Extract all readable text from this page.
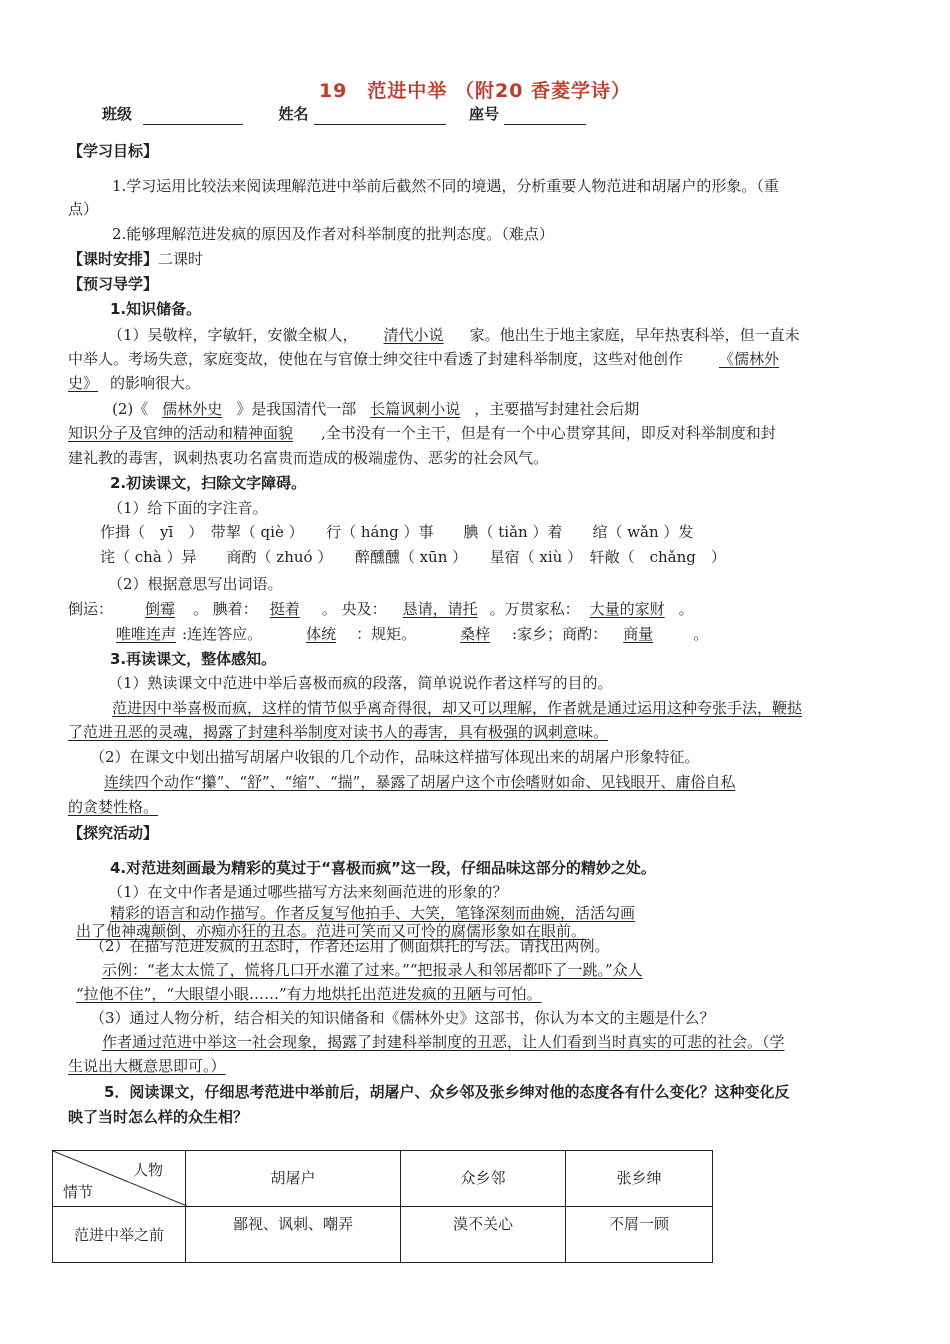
19　范进中举 （附20 香菱学诗）
班级	姓名	座号
【学习目标】
1.学习运用比较法来阅读理解范进中举前后截然不同的境遇，分析重要人物范进和胡屠户的形象。（重
点）
2.能够理解范进发疯的原因及作者对科举制度的批判态度。（难点）
【课时安排】二课时
【预习导学】
1.知识储备。
（1）吴敬梓，字敏轩，安徽全椒人， 清代小说 家。他出生于地主家庭，早年热衷科举，但一直未
中举人。考场失意，家庭变故，使他在与官僚士绅交往中看透了封建科举制度，这些对他创作 《儒林外
史》 的影响很大。
(2)《 儒林外史 》是我国清代一部 长篇讽刺小说 ，主要描写封建社会后期
知识分子及官绅的活动和精神面貌 ,全书没有一个主干，但是有一个中心贯穿其间，即反对科举制度和封
建礼教的毒害，讽刺热衷功名富贵而造成的极端虚伪、恶劣的社会风气。
2.初读课文，扫除文字障碍。
（1）给下面的字注音。
作揖（　yī　）　带挈（ qiè ）　　行（ háng ）事　　腆（ tiǎn ）着　　绾（ wǎn ）发
诧（ chà ）异　　商酌（ zhuó ）　　醉醺醺（ xūn ）　　星宿（ xiù ）　轩敞（　chǎng　）
（2）根据意思写出词语。
倒运： 倒霉 。 腆着： 挺着 。 央及： 恳请，请托 。万贯家私： 大量的家财 。
唯唯连声 :连连答应。	体统 ：规矩。	桑梓 :家乡；商酌： 商量	。
3.再读课文，整体感知。
（1）熟读课文中范进中举后喜极而疯的段落，简单说说作者这样写的目的。
范进因中举喜极而疯，这样的情节似乎离奇得很，却又可以理解，作者就是通过运用这种夸张手法，鞭挞
了范进丑恶的灵魂，揭露了封建科举制度对读书人的毒害，具有极强的讽刺意味。
（2）在课文中划出描写胡屠户收银的几个动作，品味这样描写体现出来的胡屠户形象特征。
连续四个动作“攥”、“舒”、“缩”、“揣”，暴露了胡屠户这个市侩嗜财如命、见钱眼开、庸俗自私
的贪婪性格。
【探究活动】
4.对范进刻画最为精彩的莫过于“喜极而疯”这一段，仔细品味这部分的精妙之处。
（1）在文中作者是通过哪些描写方法来刻画范进的形象的？
精彩的语言和动作描写。作者反复写他拍手、大笑，笔锋深刻而曲婉，活活勾画
出了他神魂颠倒、亦痴亦狂的丑态。范进可笑而又可怜的腐儒形象如在眼前。
（2）在描写范进发疯的丑态时，作者还运用了侧面烘托的写法。请找出两例。
示例：“老太太慌了，慌将几口开水灌了过来。”“把报录人和邻居都吓了一跳。”众人
“拉他不住”，“大眼望小眼……”有力地烘托出范进发疯的丑陋与可怕。
（3）通过人物分析，结合相关的知识储备和《儒林外史》这部书，你认为本文的主题是什么？
作者通过范进中举这一社会现象，揭露了封建科举制度的丑恶，让人们看到当时真实的可悲的社会。（学
生说出大概意思即可。）
5．阅读课文，仔细思考范进中举前后，胡屠户、众乡邻及张乡绅对他的态度各有什么变化？这种变化反
映了当时怎么样的众生相？
人物
情节	胡屠户	众乡邻	张乡绅
范进中举之前	鄙视、讽刺、嘲弄	漠不关心	不屑一顾
